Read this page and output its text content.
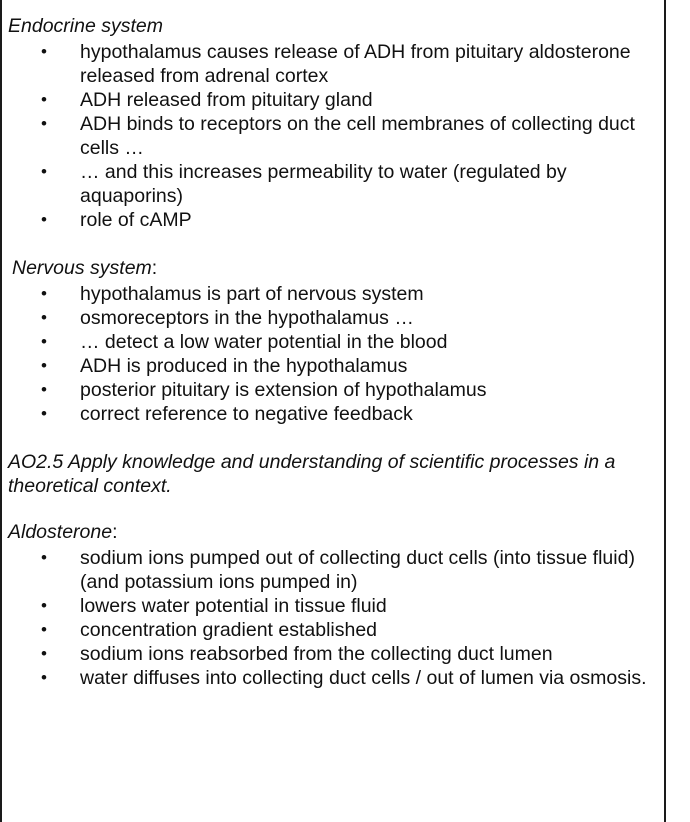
Endocrine system

• hypothalamus causes release of ADH from pituitary aldosterone released from adrenal cortex
• ADH released from pituitary gland
• ADH binds to receptors on the cell membranes of collecting duct cells …
• … and this increases permeability to water (regulated by aquaporins)
• role of cAMP

Nervous system:

• hypothalamus is part of nervous system
• osmoreceptors in the hypothalamus …
• … detect a low water potential in the blood
• ADH is produced in the hypothalamus
• posterior pituitary is extension of hypothalamus
• correct reference to negative feedback

AO2.5 Apply knowledge and understanding of scientific processes in a theoretical context.

Aldosterone:

• sodium ions pumped out of collecting duct cells (into tissue fluid) (and potassium ions pumped in)
• lowers water potential in tissue fluid
• concentration gradient established
• sodium ions reabsorbed from the collecting duct lumen
• water diffuses into collecting duct cells / out of lumen via osmosis.
